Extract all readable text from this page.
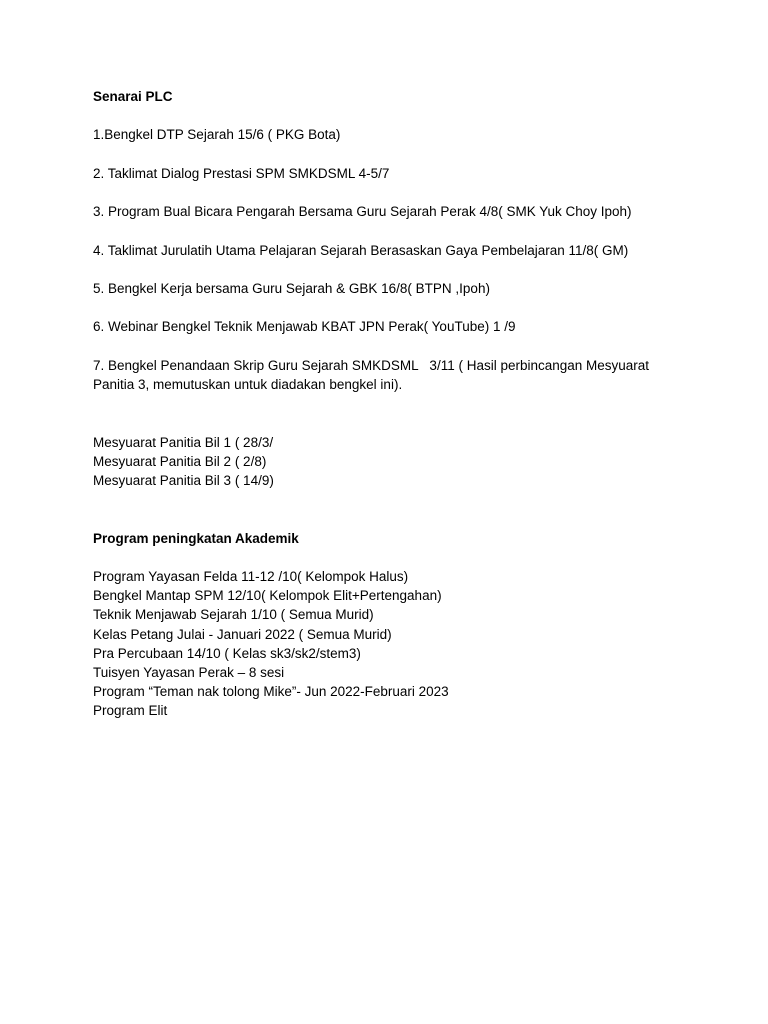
Senarai PLC

1.Bengkel DTP Sejarah 15/6 ( PKG Bota)

2. Taklimat Dialog Prestasi SPM SMKDSML 4-5/7

3. Program Bual Bicara Pengarah Bersama Guru Sejarah Perak 4/8( SMK Yuk Choy Ipoh)

4. Taklimat Jurulatih Utama Pelajaran Sejarah Berasaskan Gaya Pembelajaran 11/8( GM)

5. Bengkel Kerja bersama Guru Sejarah & GBK 16/8( BTPN ,Ipoh)

6. Webinar Bengkel Teknik Menjawab KBAT JPN Perak( YouTube) 1 /9

7. Bengkel Penandaan Skrip Guru Sejarah SMKDSML   3/11 ( Hasil perbincangan Mesyuarat Panitia 3, memutuskan untuk diadakan bengkel ini).

Mesyuarat Panitia Bil 1 ( 28/3/

Mesyuarat Panitia Bil 2 ( 2/8)

Mesyuarat Panitia Bil 3 ( 14/9)

Program peningkatan Akademik

Program Yayasan Felda 11-12 /10( Kelompok Halus)

Bengkel Mantap SPM 12/10( Kelompok Elit+Pertengahan)

Teknik Menjawab Sejarah 1/10 ( Semua Murid)

Kelas Petang Julai - Januari 2022 ( Semua Murid)

Pra Percubaan 14/10 ( Kelas sk3/sk2/stem3)

Tuisyen Yayasan Perak – 8 sesi

Program “Teman nak tolong Mike”- Jun 2022-Februari 2023

Program Elit
